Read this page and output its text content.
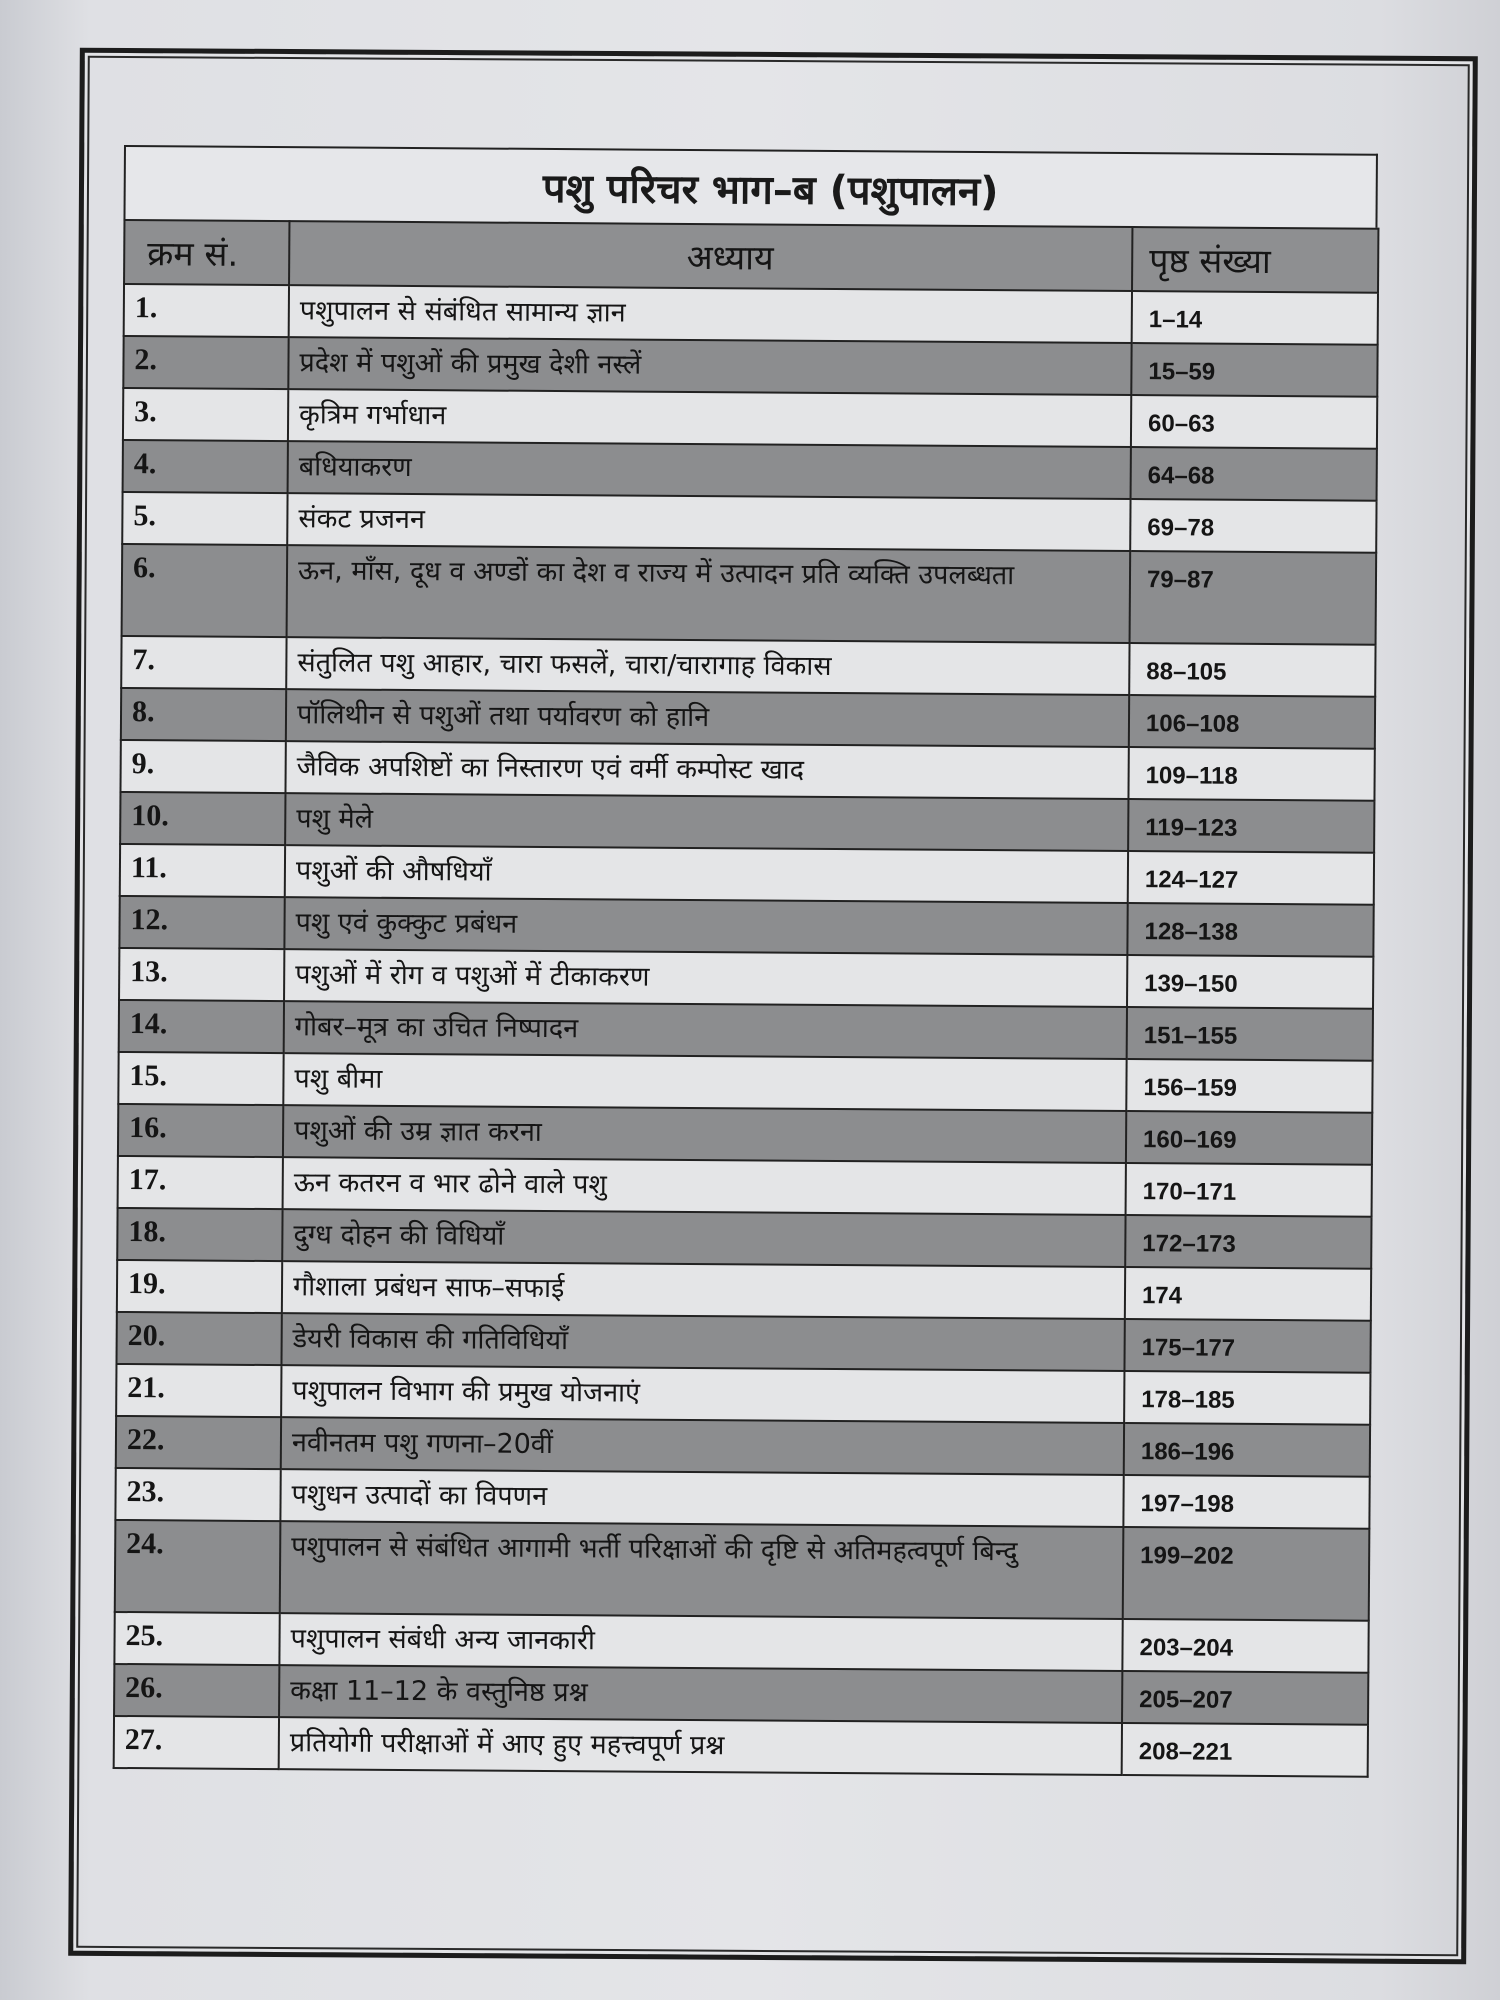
पशु परिचर भाग–ब (पशुपालन)
क्रम सं.	अध्याय	पृष्ठ संख्या
1.	पशुपालन से संबंधित सामान्य ज्ञान	1–14
2.	प्रदेश में पशुओं की प्रमुख देशी नस्लें	15–59
3.	कृत्रिम गर्भाधान	60–63
4.	बधियाकरण	64–68
5.	संकट प्रजनन	69–78
6.	ऊन, माँस, दूध व अण्डों का देश व राज्य में उत्पादन प्रति व्यक्ति उपलब्धता	79–87
7.	संतुलित पशु आहार, चारा फसलें, चारा/चारागाह विकास	88–105
8.	पॉलिथीन से पशुओं तथा पर्यावरण को हानि	106–108
9.	जैविक अपशिष्टों का निस्तारण एवं वर्मी कम्पोस्ट खाद	109–118
10.	पशु मेले	119–123
11.	पशुओं की औषधियाँ	124–127
12.	पशु एवं कुक्कुट प्रबंधन	128–138
13.	पशुओं में रोग व पशुओं में टीकाकरण	139–150
14.	गोबर–मूत्र का उचित निष्पादन	151–155
15.	पशु बीमा	156–159
16.	पशुओं की उम्र ज्ञात करना	160–169
17.	ऊन कतरन व भार ढोने वाले पशु	170–171
18.	दुग्ध दोहन की विधियाँ	172–173
19.	गौशाला प्रबंधन साफ–सफाई	174
20.	डेयरी विकास की गतिविधियाँ	175–177
21.	पशुपालन विभाग की प्रमुख योजनाएं	178–185
22.	नवीनतम पशु गणना–20वीं	186–196
23.	पशुधन उत्पादों का विपणन	197–198
24.	पशुपालन से संबंधित आगामी भर्ती परिक्षाओं की दृष्टि से अतिमहत्वपूर्ण बिन्दु	199–202
25.	पशुपालन संबंधी अन्य जानकारी	203–204
26.	कक्षा 11–12 के वस्तुनिष्ठ प्रश्न	205–207
27.	प्रतियोगी परीक्षाओं में आए हुए महत्त्वपूर्ण प्रश्न	208–221
